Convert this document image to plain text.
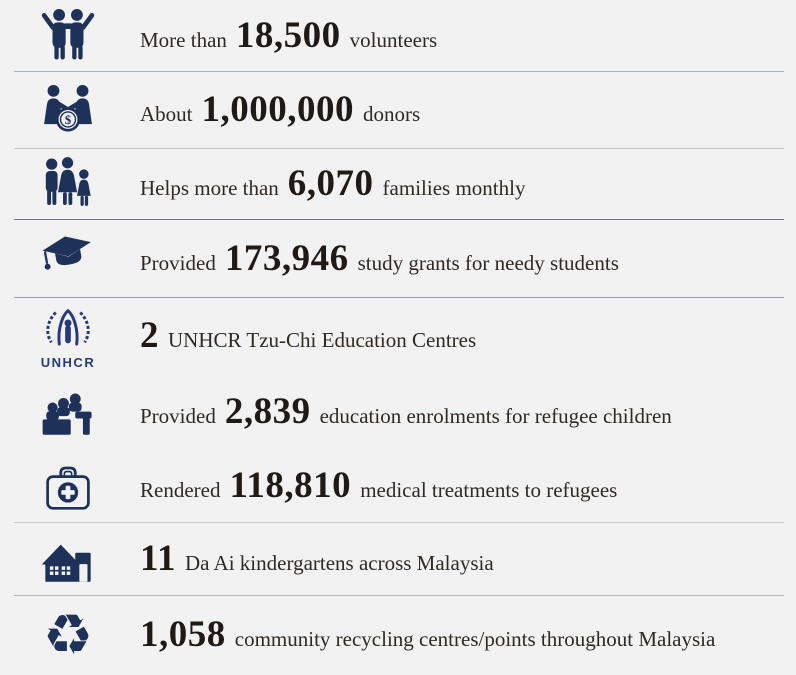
More than 18,500 volunteers

$	About 1,000,000 donors

Helps more than 6,070 families monthly

Provided 173,946 study grants for needy students

UNHCR

2 UNHCR Tzu-Chi Education Centres

Provided 2,839 education enrolments for refugee children

Rendered 118,810 medical treatments to refugees

11 Da Ai kindergartens across Malaysia

♻ 1,058 community recycling centres/points throughout Malaysia
